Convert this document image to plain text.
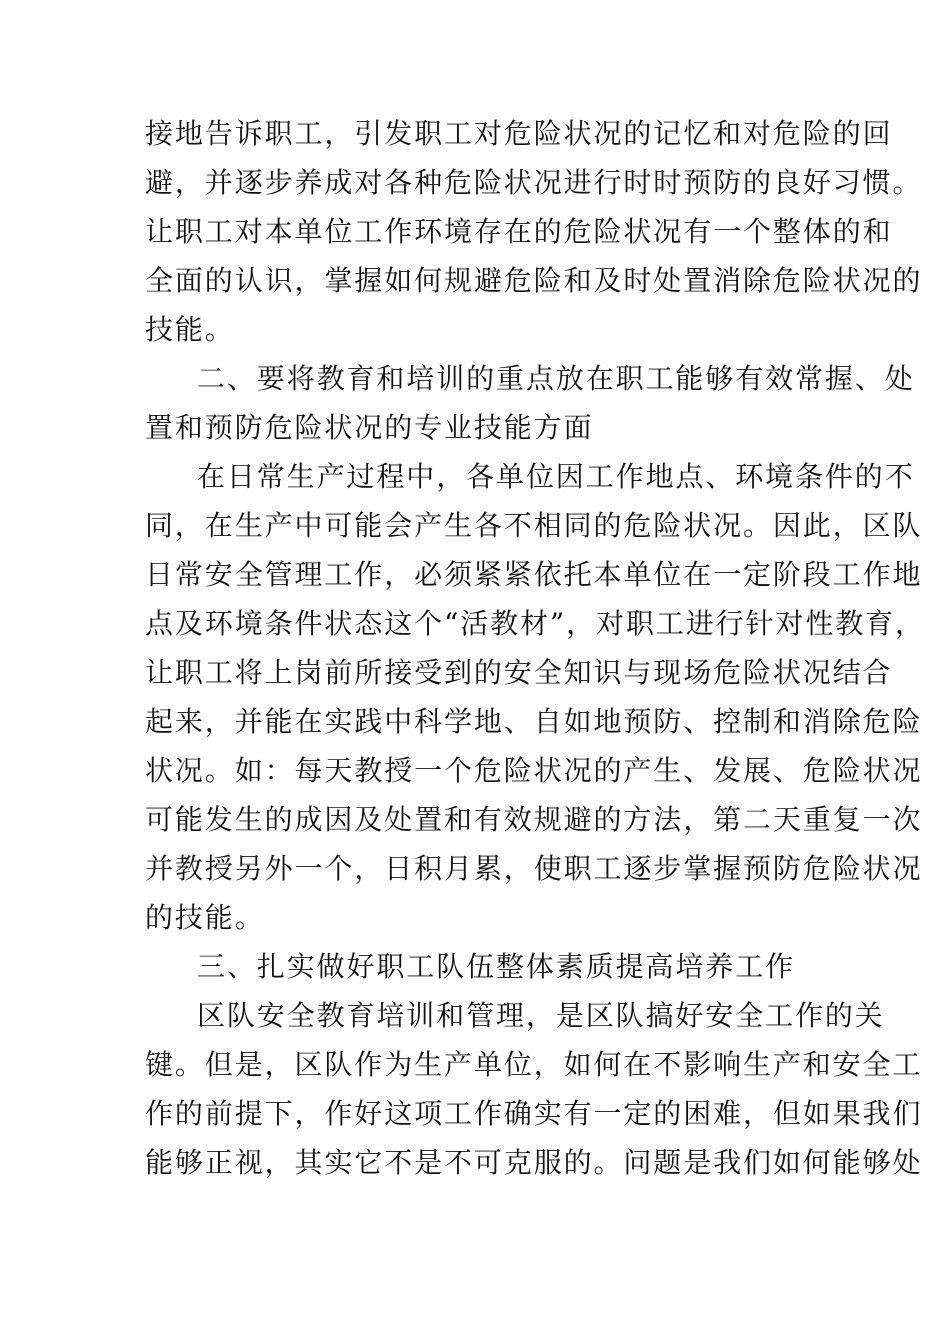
接地告诉职工，引发职工对危险状况的记忆和对危险的回
避，并逐步养成对各种危险状况进行时时预防的良好习惯。
让职工对本单位工作环境存在的危险状况有一个整体的和
全面的认识，掌握如何规避危险和及时处置消除危险状况的
技能。
二、要将教育和培训的重点放在职工能够有效常握、处
置和预防危险状况的专业技能方面
在日常生产过程中，各单位因工作地点、环境条件的不
同，在生产中可能会产生各不相同的危险状况。因此，区队
日常安全管理工作，必须紧紧依托本单位在一定阶段工作地
点及环境条件状态这个“活教材”，对职工进行针对性教育，
让职工将上岗前所接受到的安全知识与现场危险状况结合
起来，并能在实践中科学地、自如地预防、控制和消除危险
状况。如：每天教授一个危险状况的产生、发展、危险状况
可能发生的成因及处置和有效规避的方法，第二天重复一次
并教授另外一个，日积月累，使职工逐步掌握预防危险状况
的技能。
三、扎实做好职工队伍整体素质提高培养工作
区队安全教育培训和管理，是区队搞好安全工作的关
键。但是，区队作为生产单位，如何在不影响生产和安全工
作的前提下，作好这项工作确实有一定的困难，但如果我们
能够正视，其实它不是不可克服的。问题是我们如何能够处
